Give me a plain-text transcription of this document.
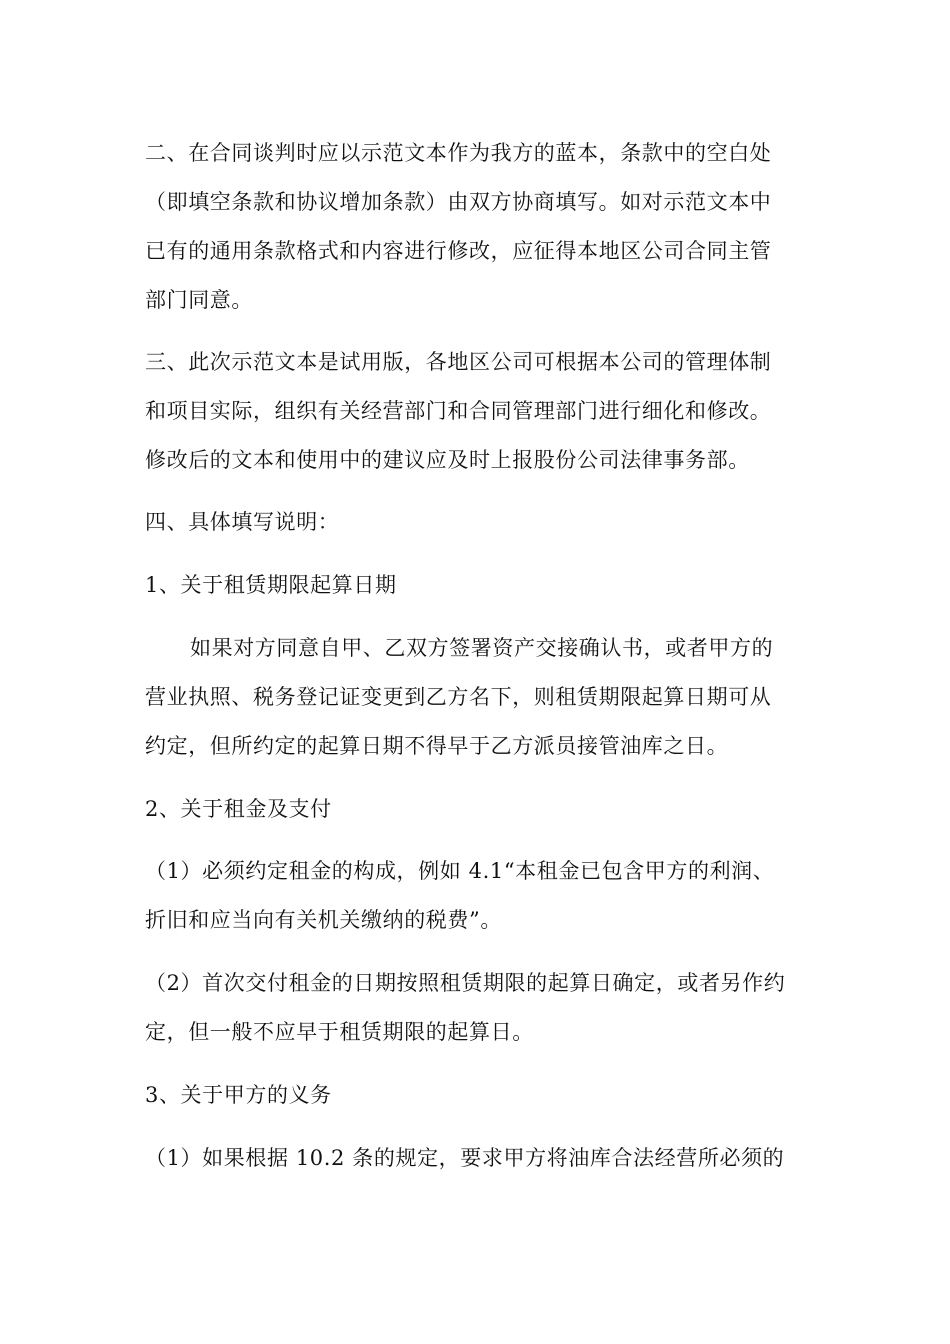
二、在合同谈判时应以示范文本作为我方的蓝本，条款中的空白处

（即填空条款和协议增加条款）由双方协商填写。如对示范文本中

已有的通用条款格式和内容进行修改，应征得本地区公司合同主管

部门同意。

三、此次示范文本是试用版，各地区公司可根据本公司的管理体制

和项目实际，组织有关经营部门和合同管理部门进行细化和修改。

修改后的文本和使用中的建议应及时上报股份公司法律事务部。

四、具体填写说明：

1、关于租赁期限起算日期

如果对方同意自甲、乙双方签署资产交接确认书，或者甲方的

营业执照、税务登记证变更到乙方名下，则租赁期限起算日期可从

约定，但所约定的起算日期不得早于乙方派员接管油库之日。

2、关于租金及支付

（1）必须约定租金的构成，例如 4.1“本租金已包含甲方的利润、

折旧和应当向有关机关缴纳的税费”。

（2）首次交付租金的日期按照租赁期限的起算日确定，或者另作约

定，但一般不应早于租赁期限的起算日。

3、关于甲方的义务

（1）如果根据 10.2 条的规定，要求甲方将油库合法经营所必须的
